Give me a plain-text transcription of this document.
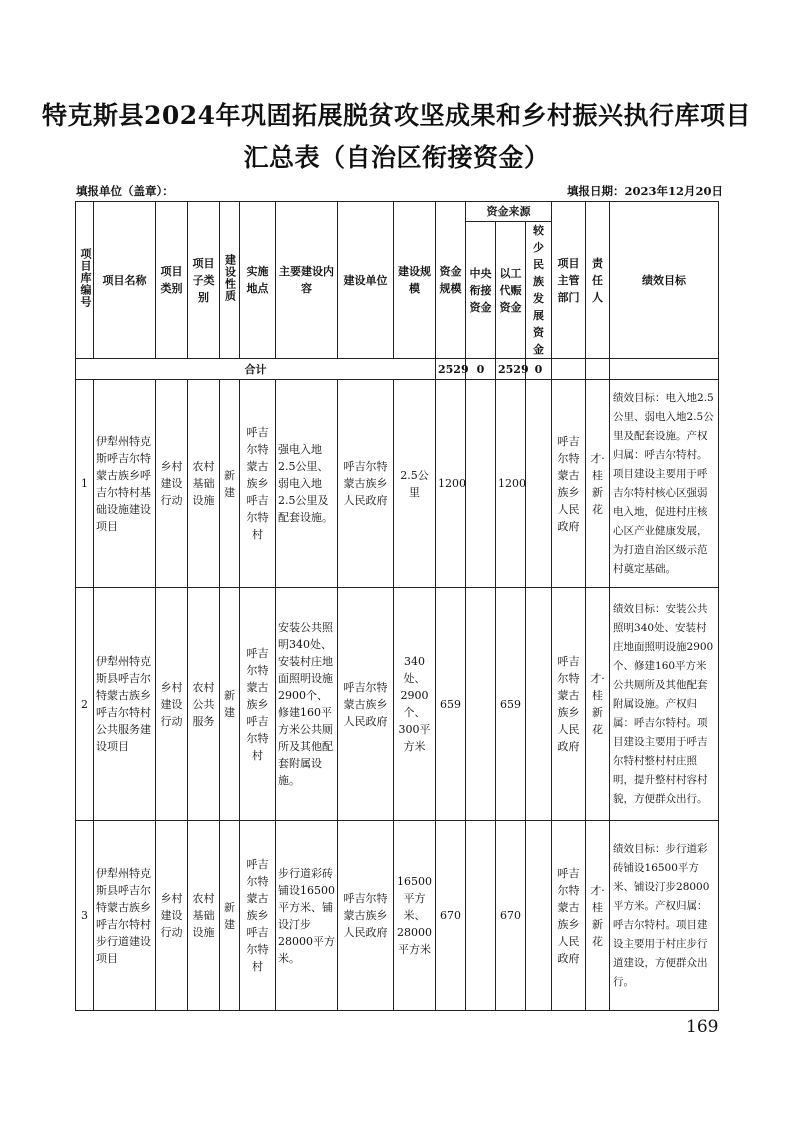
特克斯县2024年巩固拓展脱贫攻坚成果和乡村振兴执行库项目
汇总表（自治区衔接资金）
填报单位（盖章）：	填报日期：2023年12月20日
项目库编号	项目名称	项目类别	项目子类别	建设性质	实施地点	主要建设内容	建设单位	建设规模	资金规模	资金来源			项目主管部门	责任人	绩效目标
										中央衔接资金	以工代赈资金	较少民族发展资金			
合计									2529	0	2529	0			
1	伊犁州特克斯呼吉尔特蒙古族乡呼吉尔特村基础设施建设项目	乡村建设行动	农村基础设施	新建	呼吉尔特蒙古族乡呼吉尔特村	强电入地2.5公里、弱电入地2.5公里及配套设施。	呼吉尔特蒙古族乡人民政府	2.5公里	1200		1200		呼吉尔特蒙古族乡人民政府	才·桂新花	绩效目标：电入地2.5公里、弱电入地2.5公里及配套设施。产权归属：呼吉尔特村。项目建设主要用于呼吉尔特村核心区强弱电入地，促进村庄核心区产业健康发展，为打造自治区级示范村奠定基础。
2	伊犁州特克斯县呼吉尔特蒙古族乡呼吉尔特村公共服务建设项目	乡村建设行动	农村公共服务	新建	呼吉尔特蒙古族乡呼吉尔特村	安装公共照明340处、安装村庄地面照明设施2900个、修建160平方米公共厕所及其他配套附属设施。	呼吉尔特蒙古族乡人民政府	340处、2900个、300平方米	659		659		呼吉尔特蒙古族乡人民政府	才·桂新花	绩效目标：安装公共照明340处、安装村庄地面照明设施2900个、修建160平方米公共厕所及其他配套附属设施。产权归属：呼吉尔特村。项目建设主要用于呼吉尔特村整村村庄照明，提升整村村容村貌，方便群众出行。
3	伊犁州特克斯县呼吉尔特蒙古族乡呼吉尔特村步行道建设项目	乡村建设行动	农村基础设施	新建	呼吉尔特蒙古族乡呼吉尔特村	步行道彩砖铺设16500平方米、铺设汀步28000平方米。	呼吉尔特蒙古族乡人民政府	16500平方米、28000平方米	670		670		呼吉尔特蒙古族乡人民政府	才·桂新花	绩效目标：步行道彩砖铺设16500平方米、铺设汀步28000平方米。产权归属：呼吉尔特村。项目建设主要用于村庄步行道建设，方便群众出行。
169
